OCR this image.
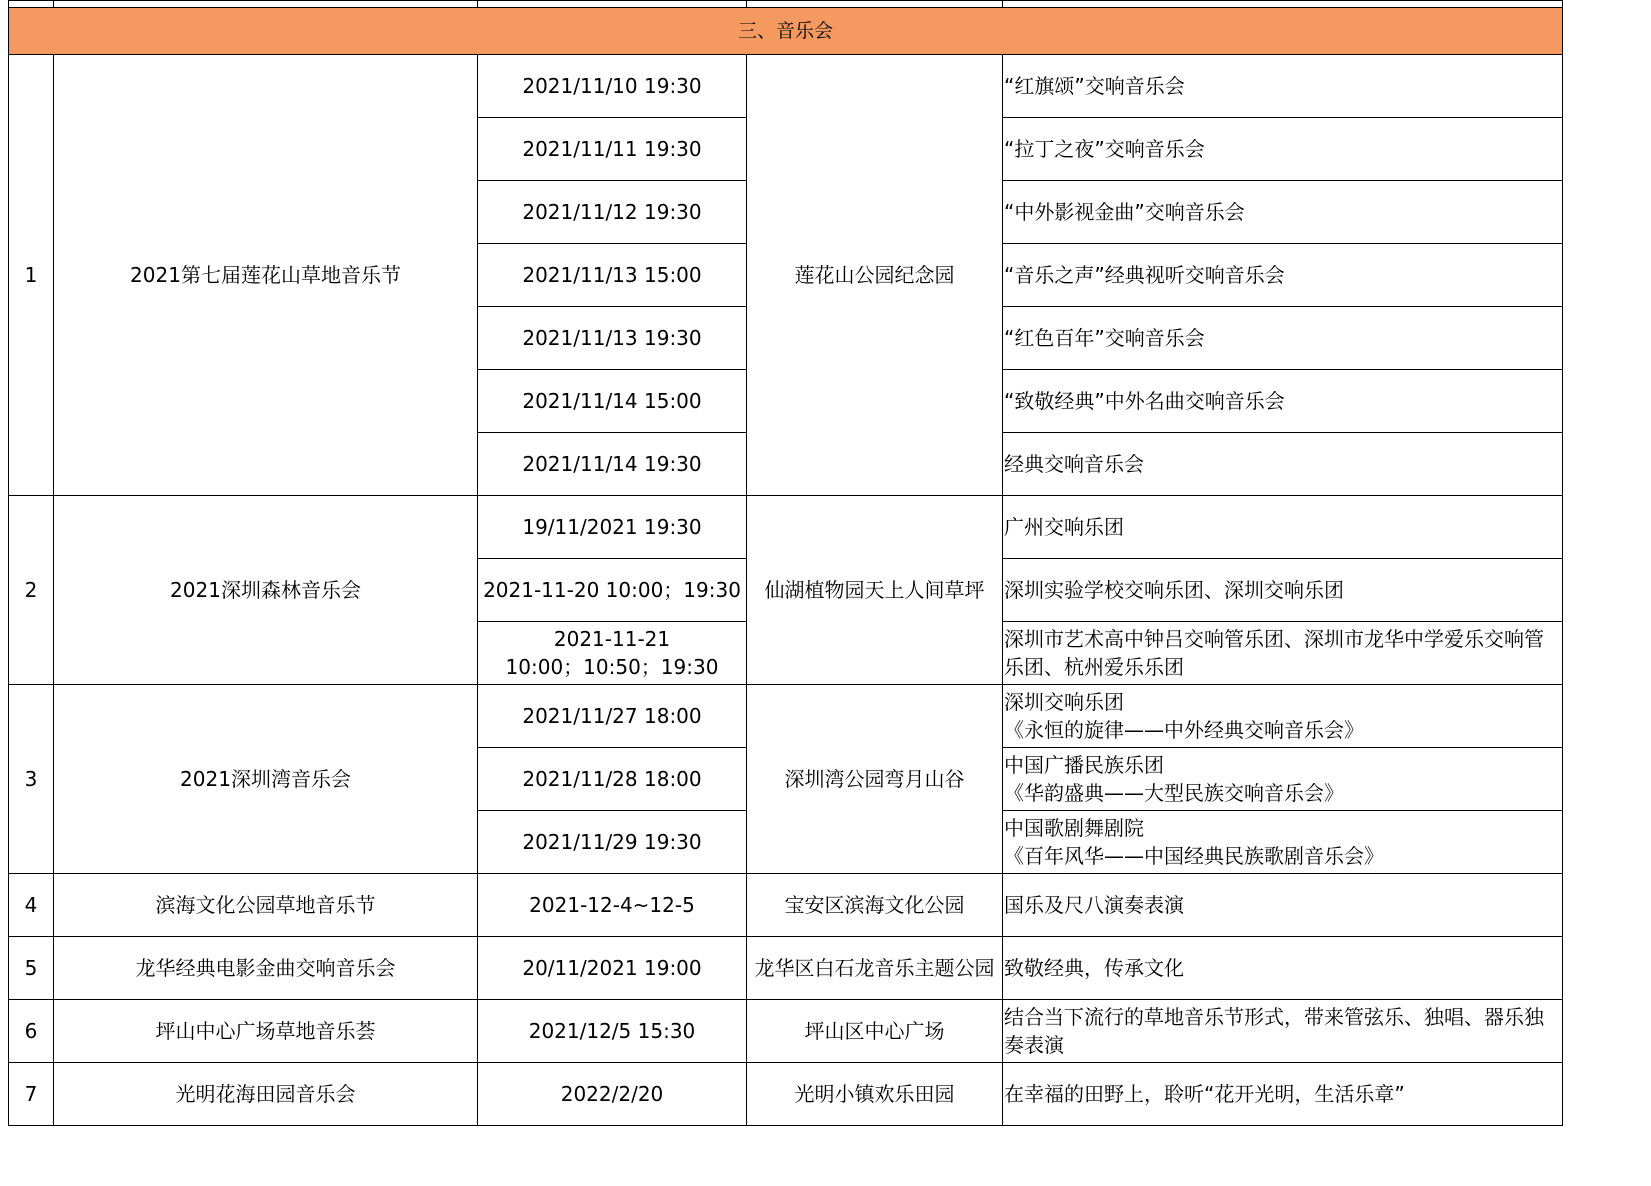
三、音乐会				
1	2021第七届莲花山草地音乐节	2021/11/10 19:30	莲花山公园纪念园	“红旗颂”交响音乐会
		2021/11/11 19:30		“拉丁之夜”交响音乐会
		2021/11/12 19:30		“中外影视金曲”交响音乐会
		2021/11/13 15:00		“音乐之声”经典视听交响音乐会
		2021/11/13 19:30		“红色百年”交响音乐会
		2021/11/14 15:00		“致敬经典”中外名曲交响音乐会
		2021/11/14 19:30		经典交响音乐会
2	2021深圳森林音乐会	19/11/2021 19:30	仙湖植物园天上人间草坪	广州交响乐团
		2021-11-20 10:00；19:30		深圳实验学校交响乐团、深圳交响乐团

		2021-11-21
10:00；10:50；19:30		深圳市艺术高中钟吕交响管乐团、深圳市龙华中学爱乐交响管乐团、杭州爱乐乐团
3	2021深圳湾音乐会	2021/11/27 18:00	深圳湾公园弯月山谷	深圳交响乐团
《永恒的旋律——中外经典交响音乐会》

		2021/11/28 18:00		中国广播民族乐团
《华韵盛典——大型民族交响音乐会》

		2021/11/29 19:30		中国歌剧舞剧院
《百年风华——中国经典民族歌剧音乐会》

4	滨海文化公园草地音乐节	2021-12-4~12-5	宝安区滨海文化公园	国乐及尺八演奏表演
5	龙华经典电影金曲交响音乐会	20/11/2021 19:00	龙华区白石龙音乐主题公园	致敬经典，传承文化
6	坪山中心广场草地音乐荟	2021/12/5 15:30	坪山区中心广场	结合当下流行的草地音乐节形式，带来管弦乐、独唱、器乐独奏表演
7	光明花海田园音乐会	2022/2/20	光明小镇欢乐田园	在幸福的田野上，聆听“花开光明，生活乐章”
